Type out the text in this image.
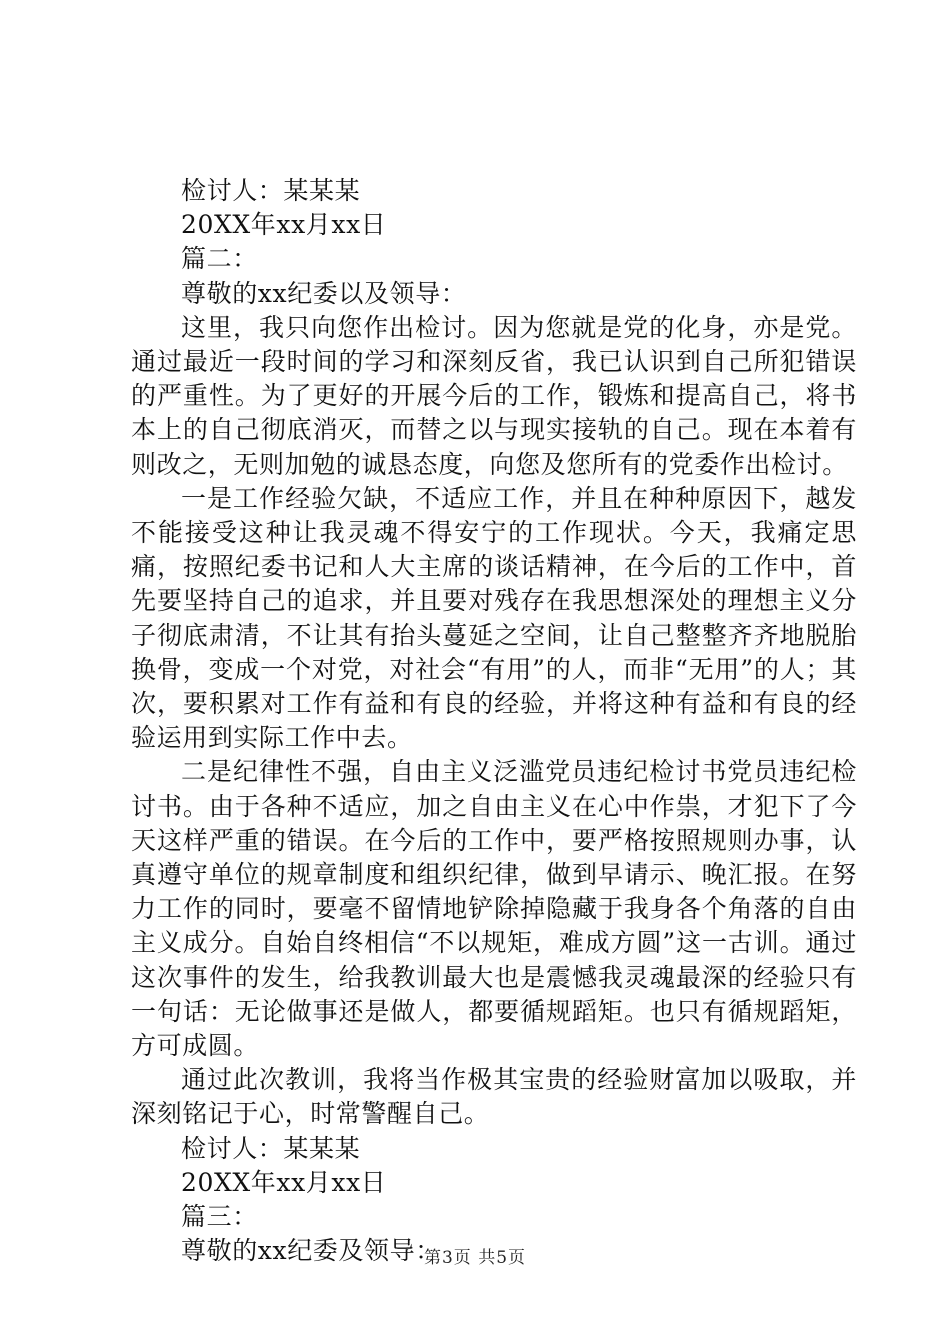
检讨人：某某某

20XX年xx月xx日

篇二：

尊敬的xx纪委以及领导：

这里，我只向您作出检讨。因为您就是党的化身，亦是党。通过最近一段时间的学习和深刻反省，我已认识到自己所犯错误的严重性。为了更好的开展今后的工作，锻炼和提高自己，将书本上的自己彻底消灭，而替之以与现实接轨的自己。现在本着有则改之，无则加勉的诚恳态度，向您及您所有的党委作出检讨。

一是工作经验欠缺，不适应工作，并且在种种原因下，越发不能接受这种让我灵魂不得安宁的工作现状。今天，我痛定思痛，按照纪委书记和人大主席的谈话精神，在今后的工作中，首先要坚持自己的追求，并且要对残存在我思想深处的理想主义分子彻底肃清，不让其有抬头蔓延之空间，让自己整整齐齐地脱胎换骨，变成一个对党，对社会“有用”的人，而非“无用”的人；其次，要积累对工作有益和有良的经验，并将这种有益和有良的经验运用到实际工作中去。

二是纪律性不强，自由主义泛滥党员违纪检讨书党员违纪检讨书。由于各种不适应，加之自由主义在心中作祟，才犯下了今天这样严重的错误。在今后的工作中，要严格按照规则办事，认真遵守单位的规章制度和组织纪律，做到早请示、晚汇报。在努力工作的同时，要毫不留情地铲除掉隐藏于我身各个角落的自由主义成分。自始自终相信“不以规矩，难成方圆”这一古训。通过这次事件的发生，给我教训最大也是震憾我灵魂最深的经验只有一句话：无论做事还是做人，都要循规蹈矩。也只有循规蹈矩，方可成圆。

通过此次教训，我将当作极其宝贵的经验财富加以吸取，并深刻铭记于心，时常警醒自己。

检讨人：某某某

20XX年xx月xx日

篇三：

尊敬的xx纪委及领导：

第3页 共5页
